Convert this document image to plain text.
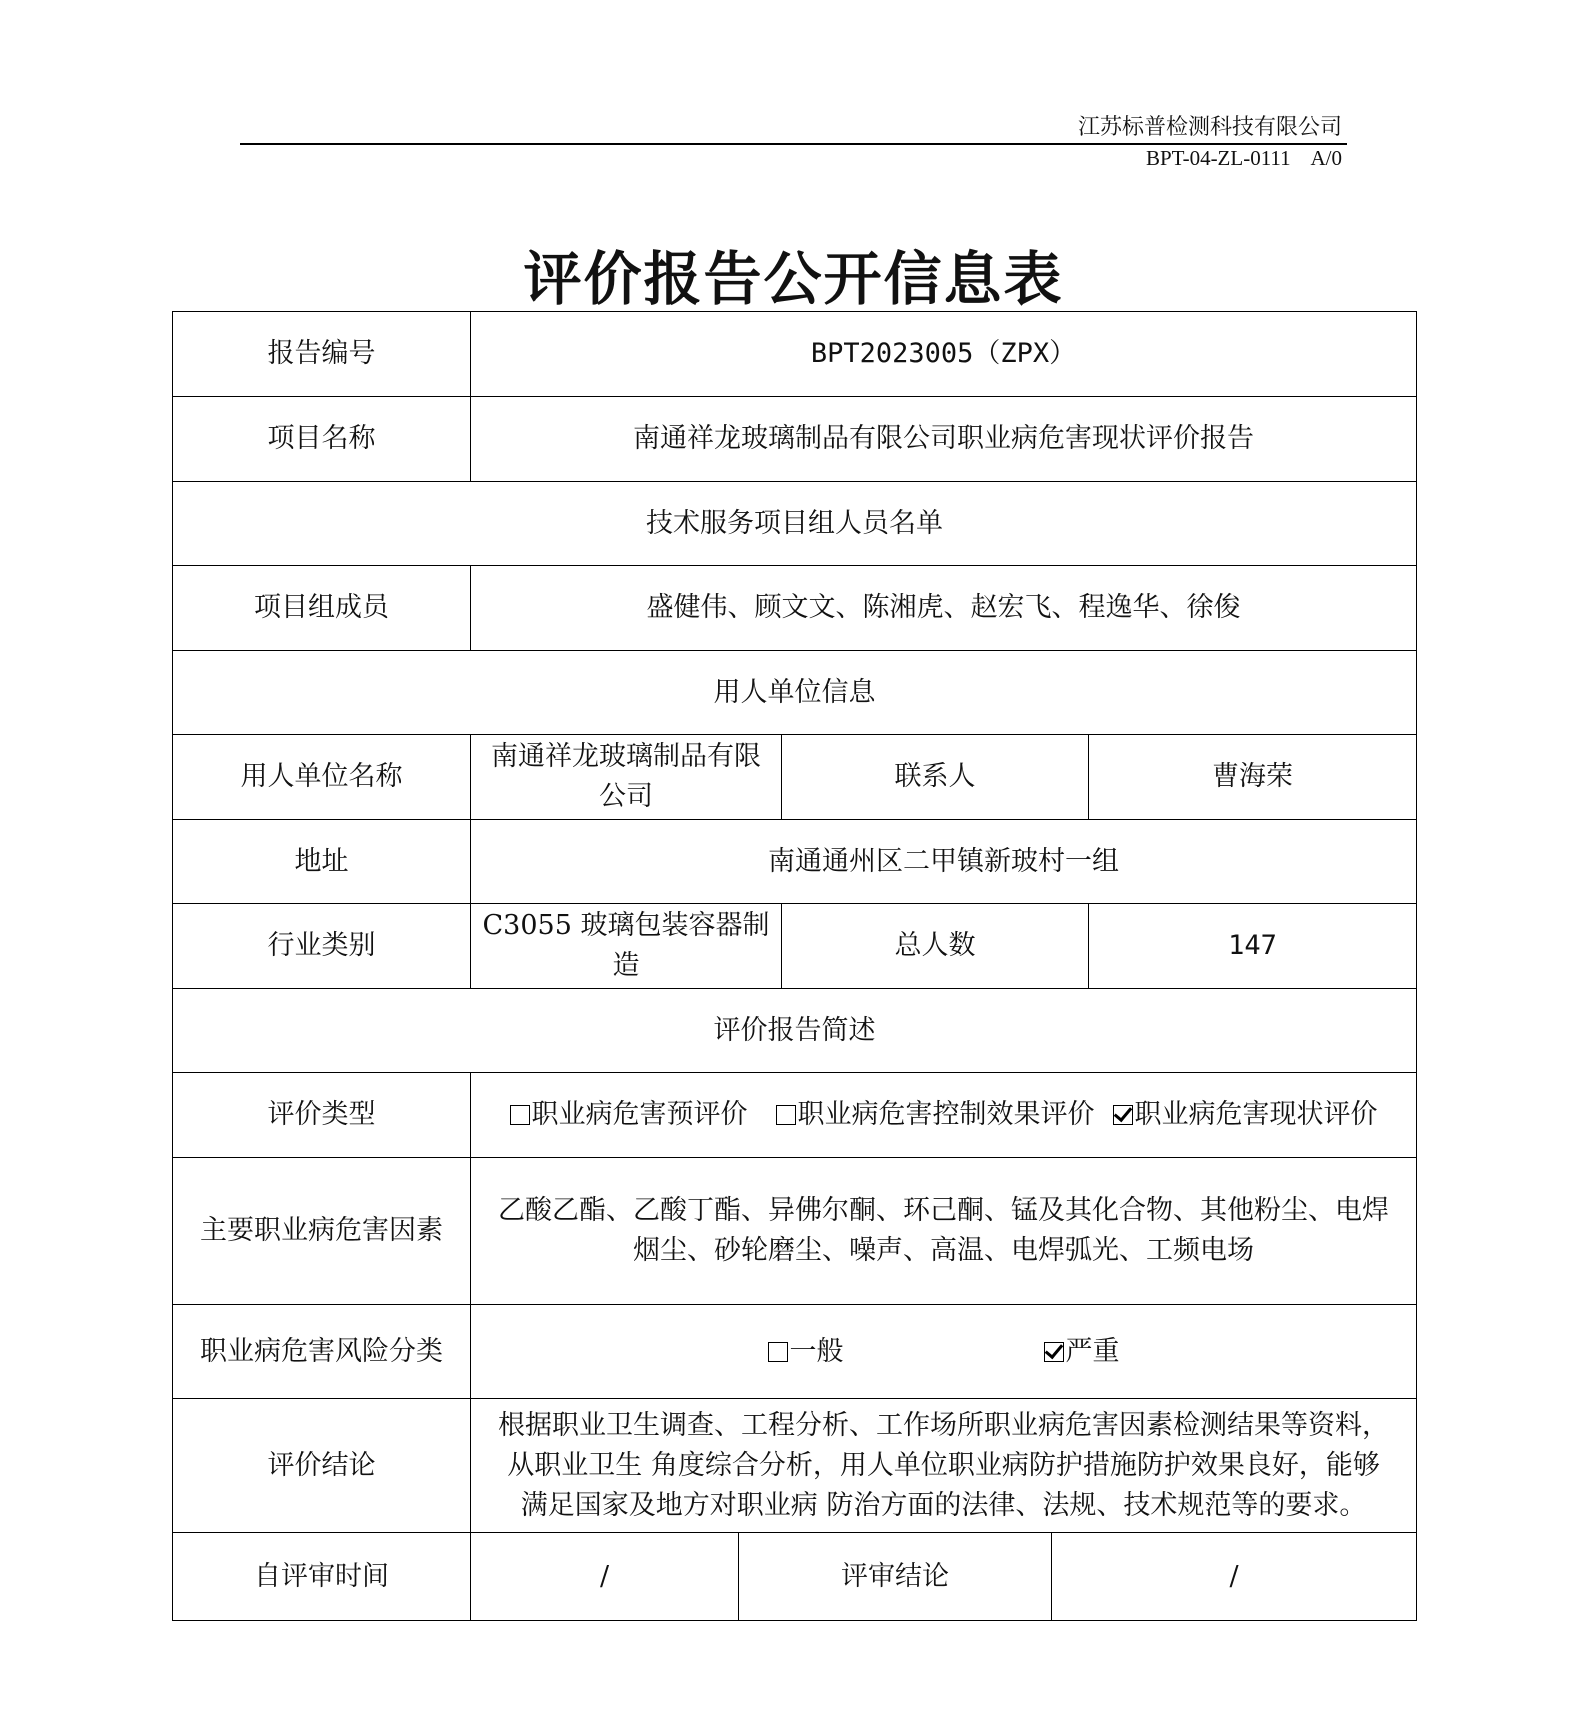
江苏标普检测科技有限公司
BPT-04-ZL-0111    A/0
评价报告公开信息表
报告编号	BPT2023005（ZPX）				
项目名称	南通祥龙玻璃制品有限公司职业病危害现状评价报告				
技术服务项目组人员名单					
项目组成员	盛健伟、顾文文、陈湘虎、赵宏飞、程逸华、徐俊				
用人单位信息					
用人单位名称	南通祥龙玻璃制品有限公司		联系人		曹海荣
地址	南通通州区二甲镇新玻村一组				
行业类别	C3055 玻璃包装容器制造		总人数		147
评价报告简述					
评价类型	职业病危害预评价 职业病危害控制效果评价 职业病危害现状评价				
主要职业病危害因素	乙酸乙酯、乙酸丁酯、异佛尔酮、环己酮、锰及其化合物、其他粉尘、电焊
烟尘、砂轮磨尘、噪声、高温、电焊弧光、工频电场				

职业病危害风险分类	一般 严重				
评价结论	根据职业卫生调查、工程分析、工作场所职业病危害因素检测结果等资料，
从职业卫生 角度综合分析，用人单位职业病防护措施防护效果良好，能够
满足国家及地方对职业病 防治方面的法律、法规、技术规范等的要求。				

自评审时间	/	评审结论		/	
